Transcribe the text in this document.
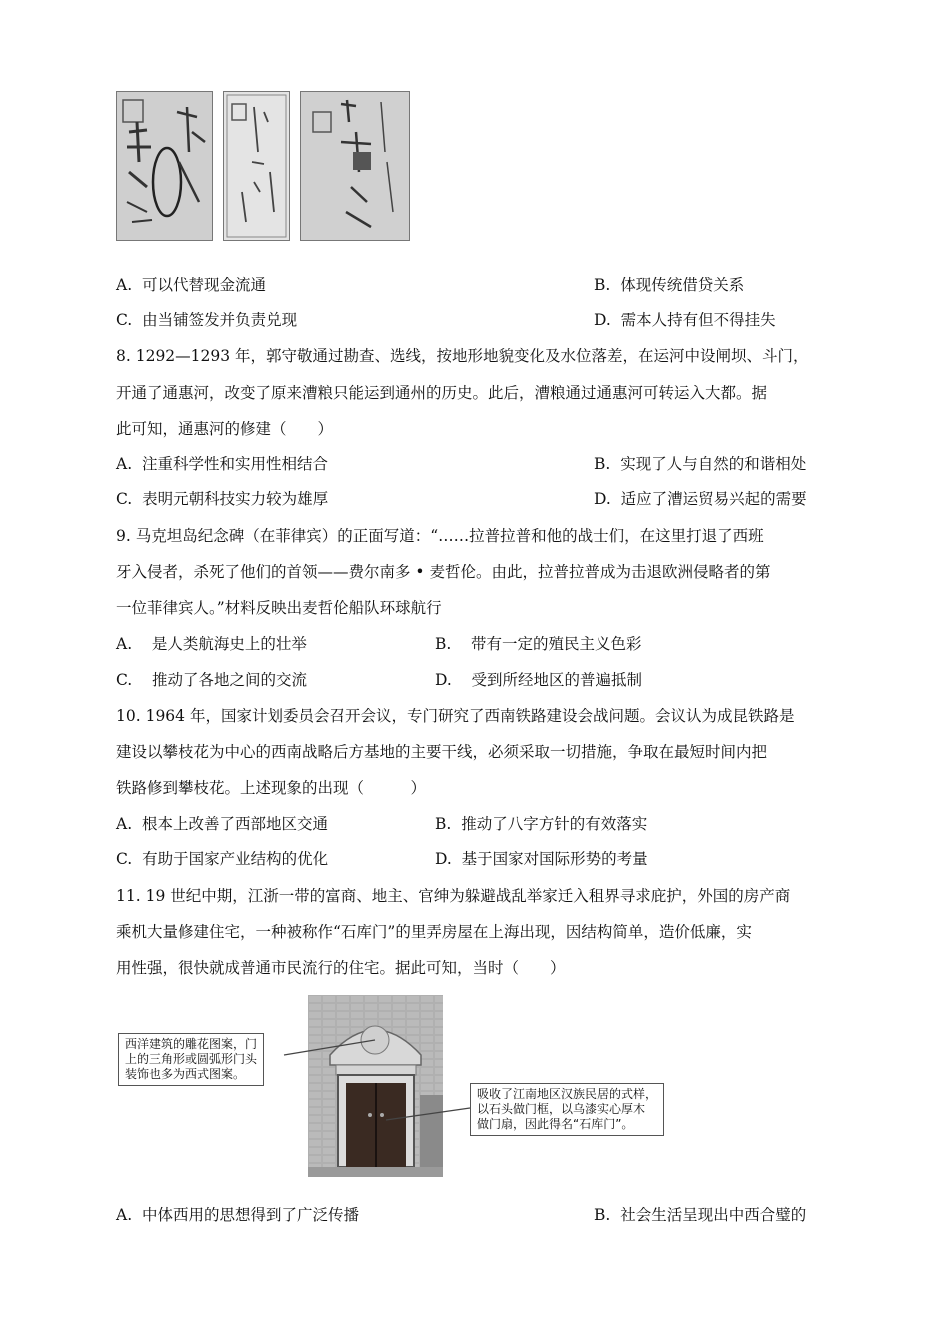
A. 可以代替现金流通	B. 体现传统借贷关系
C. 由当铺签发并负责兑现	D. 需本人持有但不得挂失
8. 1292—1293 年，郭守敬通过勘查、选线，按地形地貌变化及水位落差，在运河中设闸坝、斗门，
开通了通惠河，改变了原来漕粮只能运到通州的历史。此后，漕粮通过通惠河可转运入大都。据
此可知，通惠河的修建（　　）
A. 注重科学性和实用性相结合	B. 实现了人与自然的和谐相处
C. 表明元朝科技实力较为雄厚	D. 适应了漕运贸易兴起的需要
9. 马克坦岛纪念碑（在菲律宾）的正面写道：“……拉普拉普和他的战士们，在这里打退了西班
牙入侵者，杀死了他们的首领——费尔南多 • 麦哲伦。由此，拉普拉普成为击退欧洲侵略者的第
一位菲律宾人。”材料反映出麦哲伦船队环球航行
A. 是人类航海史上的壮举	B. 带有一定的殖民主义色彩
C. 推动了各地之间的交流	D. 受到所经地区的普遍抵制
10. 1964 年，国家计划委员会召开会议，专门研究了西南铁路建设会战问题。会议认为成昆铁路是
建设以攀枝花为中心的西南战略后方基地的主要干线，必须采取一切措施，争取在最短时间内把
铁路修到攀枝花。上述现象的出现（　　　）
A. 根本上改善了西部地区交通	B. 推动了八字方针的有效落实
C. 有助于国家产业结构的优化	D. 基于国家对国际形势的考量
11. 19 世纪中期，江浙一带的富商、地主、官绅为躲避战乱举家迁入租界寻求庇护，外国的房产商
乘机大量修建住宅，一种被称作“石库门”的里弄房屋在上海出现，因结构简单，造价低廉，实
用性强，很快就成普通市民流行的住宅。据此可知，当时（　　）
西洋建筑的雕花图案，门
上的三角形或圆弧形门头
装饰也多为西式图案。
吸收了江南地区汉族民居的式样，
以石头做门框，以乌漆实心厚木
做门扇，因此得名“石库门”。
A. 中体西用的思想得到了广泛传播	B. 社会生活呈现出中西合璧的
